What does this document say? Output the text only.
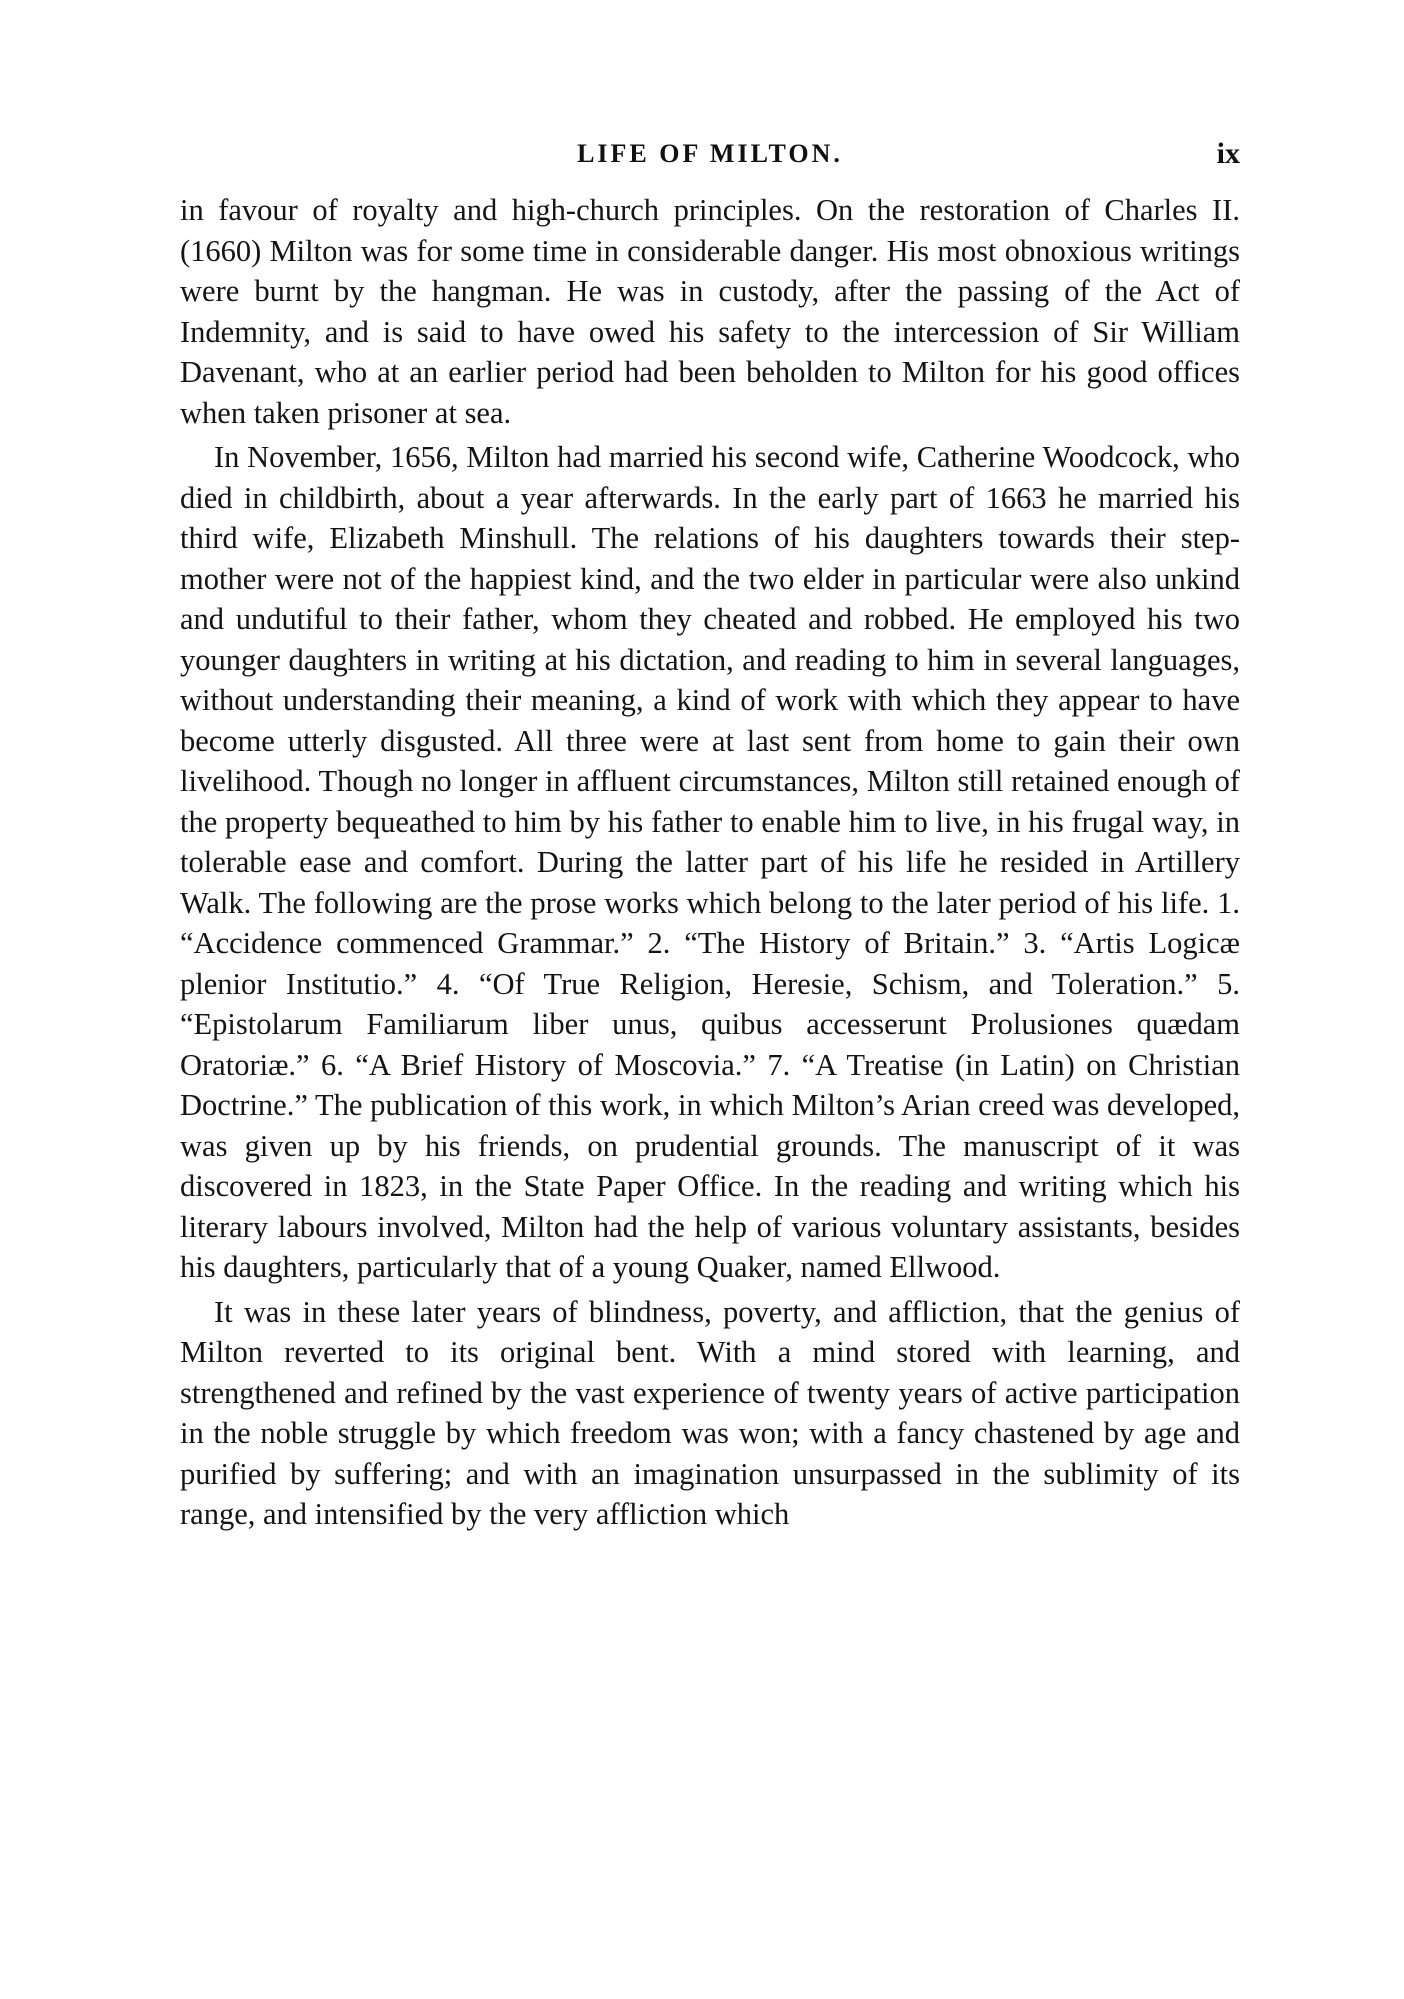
LIFE OF MILTON.	ix

in favour of royalty and high-church principles. On the restoration of Charles II. (1660) Milton was for some time in considerable danger. His most obnoxious writings were burnt by the hangman. He was in custody, after the passing of the Act of Indemnity, and is said to have owed his safety to the intercession of Sir William Davenant, who at an earlier period had been beholden to Milton for his good offices when taken prisoner at sea.

In November, 1656, Milton had married his second wife, Catherine Woodcock, who died in childbirth, about a year afterwards. In the early part of 1663 he married his third wife, Elizabeth Minshull. The relations of his daughters towards their step-mother were not of the happiest kind, and the two elder in particular were also unkind and undutiful to their father, whom they cheated and robbed. He employed his two younger daughters in writing at his dictation, and reading to him in several languages, without understanding their meaning, a kind of work with which they appear to have become utterly disgusted. All three were at last sent from home to gain their own livelihood. Though no longer in affluent circumstances, Milton still retained enough of the property bequeathed to him by his father to enable him to live, in his frugal way, in tolerable ease and comfort. During the latter part of his life he resided in Artillery Walk. The following are the prose works which belong to the later period of his life. 1. “Accidence commenced Grammar.” 2. “The History of Britain.” 3. “Artis Logicæ plenior Institutio.” 4. “Of True Religion, Heresie, Schism, and Toleration.” 5. “Epistolarum Familiarum liber unus, quibus accesserunt Prolusiones quædam Oratoriæ.” 6. “A Brief History of Moscovia.” 7. “A Treatise (in Latin) on Christian Doctrine.” The publication of this work, in which Milton’s Arian creed was developed, was given up by his friends, on prudential grounds. The manuscript of it was discovered in 1823, in the State Paper Office. In the reading and writing which his literary labours involved, Milton had the help of various voluntary assistants, besides his daughters, particularly that of a young Quaker, named Ellwood.

It was in these later years of blindness, poverty, and affliction, that the genius of Milton reverted to its original bent. With a mind stored with learning, and strengthened and refined by the vast experience of twenty years of active participation in the noble struggle by which freedom was won; with a fancy chastened by age and purified by suffering; and with an imagination unsurpassed in the sublimity of its range, and intensified by the very affliction which
